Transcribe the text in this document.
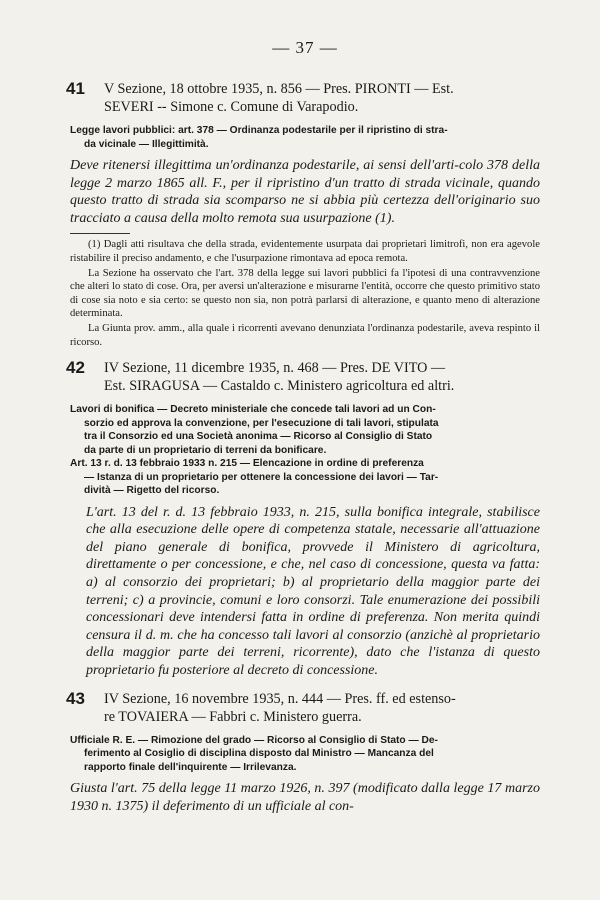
— 37 —
41	V Sezione, 18 ottobre 1935, n. 856 — Pres. PIRONTI — Est.
SEVERI -- Simone c. Comune di Varapodio.
Legge lavori pubblici: art. 378 — Ordinanza podestarile per il ripristino di stra-
da vicinale — Illegittimità.
Deve ritenersi illegittima un'ordinanza podestarile, ai sensi dell'arti-colo 378 della legge 2 marzo 1865 all. F., per il ripristino d'un tratto di strada vicinale, quando questo tratto di strada sia scomparso ne si abbia più certezza dell'originario suo tracciato a causa della molto remota sua usurpazione (1).

(1) Dagli atti risultava che della strada, evidentemente usurpata dai proprietari limitrofi, non era agevole ristabilire il preciso andamento, e che l'usurpazione rimontava ad epoca remota.

La Sezione ha osservato che l'art. 378 della legge sui lavori pubblici fa l'ipotesi di una contravvenzione che alteri lo stato di cose. Ora, per aversi un'alterazione e misurarne l'entità, occorre che questo primitivo stato di cose sia noto e sia certo: se questo non sia, non potrà parlarsi di alterazione, e quanto meno di alterazione determinata.

La Giunta prov. amm., alla quale i ricorrenti avevano denunziata l'ordinanza podestarile, aveva respinto il ricorso.

42	IV Sezione, 11 dicembre 1935, n. 468 — Pres. DE VITO —
Est. SIRAGUSA — Castaldo c. Ministero agricoltura ed altri.
Lavori di bonifica — Decreto ministeriale che concede tali lavori ad un Con-
sorzio ed approva la convenzione, per l'esecuzione di tali lavori, stipulata
tra il Consorzio ed una Società anonima — Ricorso al Consiglio di Stato
da parte di un proprietario di terreni da bonificare.
Art. 13 r. d. 13 febbraio 1933 n. 215 — Elencazione in ordine di preferenza
— Istanza di un proprietario per ottenere la concessione dei lavori — Tar-
dività — Rigetto del ricorso.
L'art. 13 del r. d. 13 febbraio 1933, n. 215, sulla bonifica integrale, stabilisce che alla esecuzione delle opere di competenza statale, necessarie all'attuazione del piano generale di bonifica, provvede il Ministero di agricoltura, direttamente o per concessione, e che, nel caso di concessione, questa va fatta: a) al consorzio dei proprietari; b) al proprietario della maggior parte dei terreni; c) a provincie, comuni e loro consorzi. Tale enumerazione dei possibili concessionari deve intendersi fatta in ordine di preferenza. Non merita quindi censura il d. m. che ha concesso tali lavori al consorzio (anzichè al proprietario della maggior parte dei terreni, ricorrente), dato che l'istanza di questo proprietario fu posteriore al decreto di concessione.
43	IV Sezione, 16 novembre 1935, n. 444 — Pres. ff. ed estenso-
re TOVAIERA — Fabbri c. Ministero guerra.
Ufficiale R. E. — Rimozione del grado — Ricorso al Consiglio di Stato — De-
ferimento al Cosiglio di disciplina disposto dal Ministro — Mancanza del
rapporto finale dell'inquirente — Irrilevanza.
Giusta l'art. 75 della legge 11 marzo 1926, n. 397 (modificato dalla legge 17 marzo 1930 n. 1375) il deferimento di un ufficiale al con-
